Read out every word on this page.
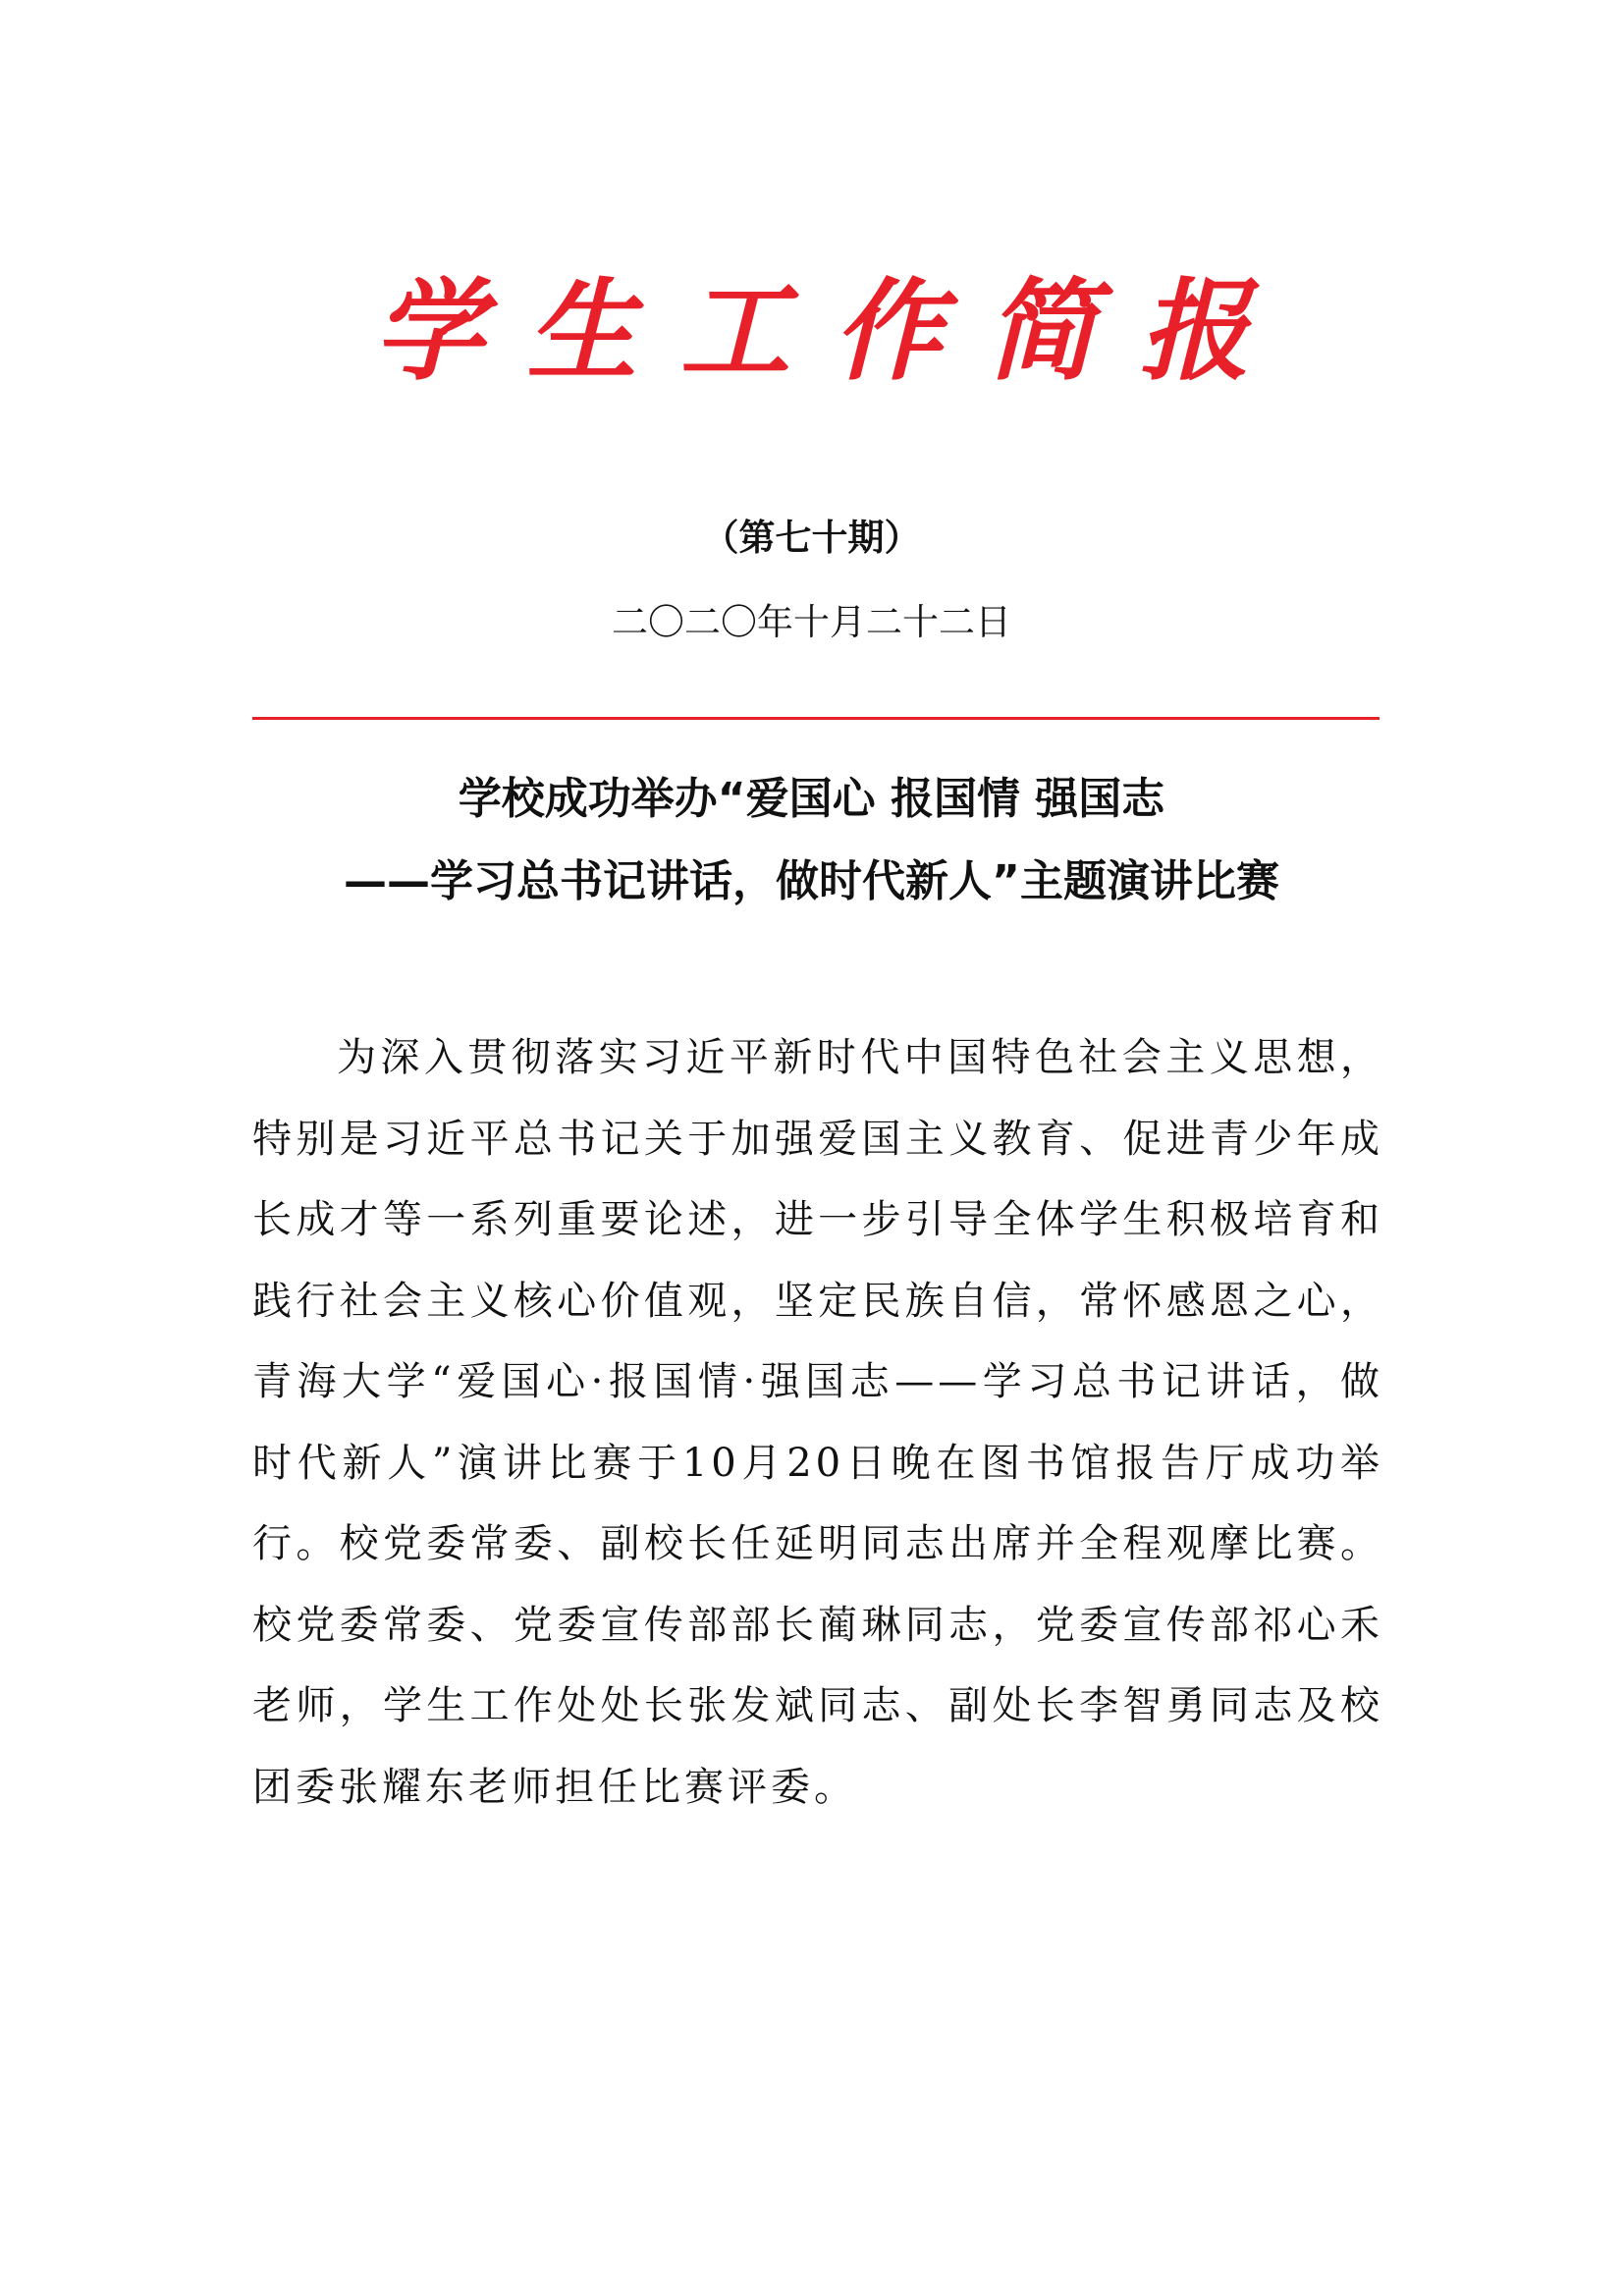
学生工作简报
（第七十期）
二〇二〇年十月二十二日
学校成功举办“爱国心 报国情 强国志
——学习总书记讲话，做时代新人”主题演讲比赛

为深入贯彻落实习近平新时代中国特色社会主义思想，特别是习近平总书记关于加强爱国主义教育、促进青少年成长成才等一系列重要论述，进一步引导全体学生积极培育和践行社会主义核心价值观，坚定民族自信，常怀感恩之心，青海大学“爱国心·报国情·强国志——学习总书记讲话，做时代新人”演讲比赛于10月20日晚在图书馆报告厅成功举行。校党委常委、副校长任延明同志出席并全程观摩比赛。校党委常委、党委宣传部部长蔺琳同志，党委宣传部祁心禾老师，学生工作处处长张发斌同志、副处长李智勇同志及校团委张耀东老师担任比赛评委。
